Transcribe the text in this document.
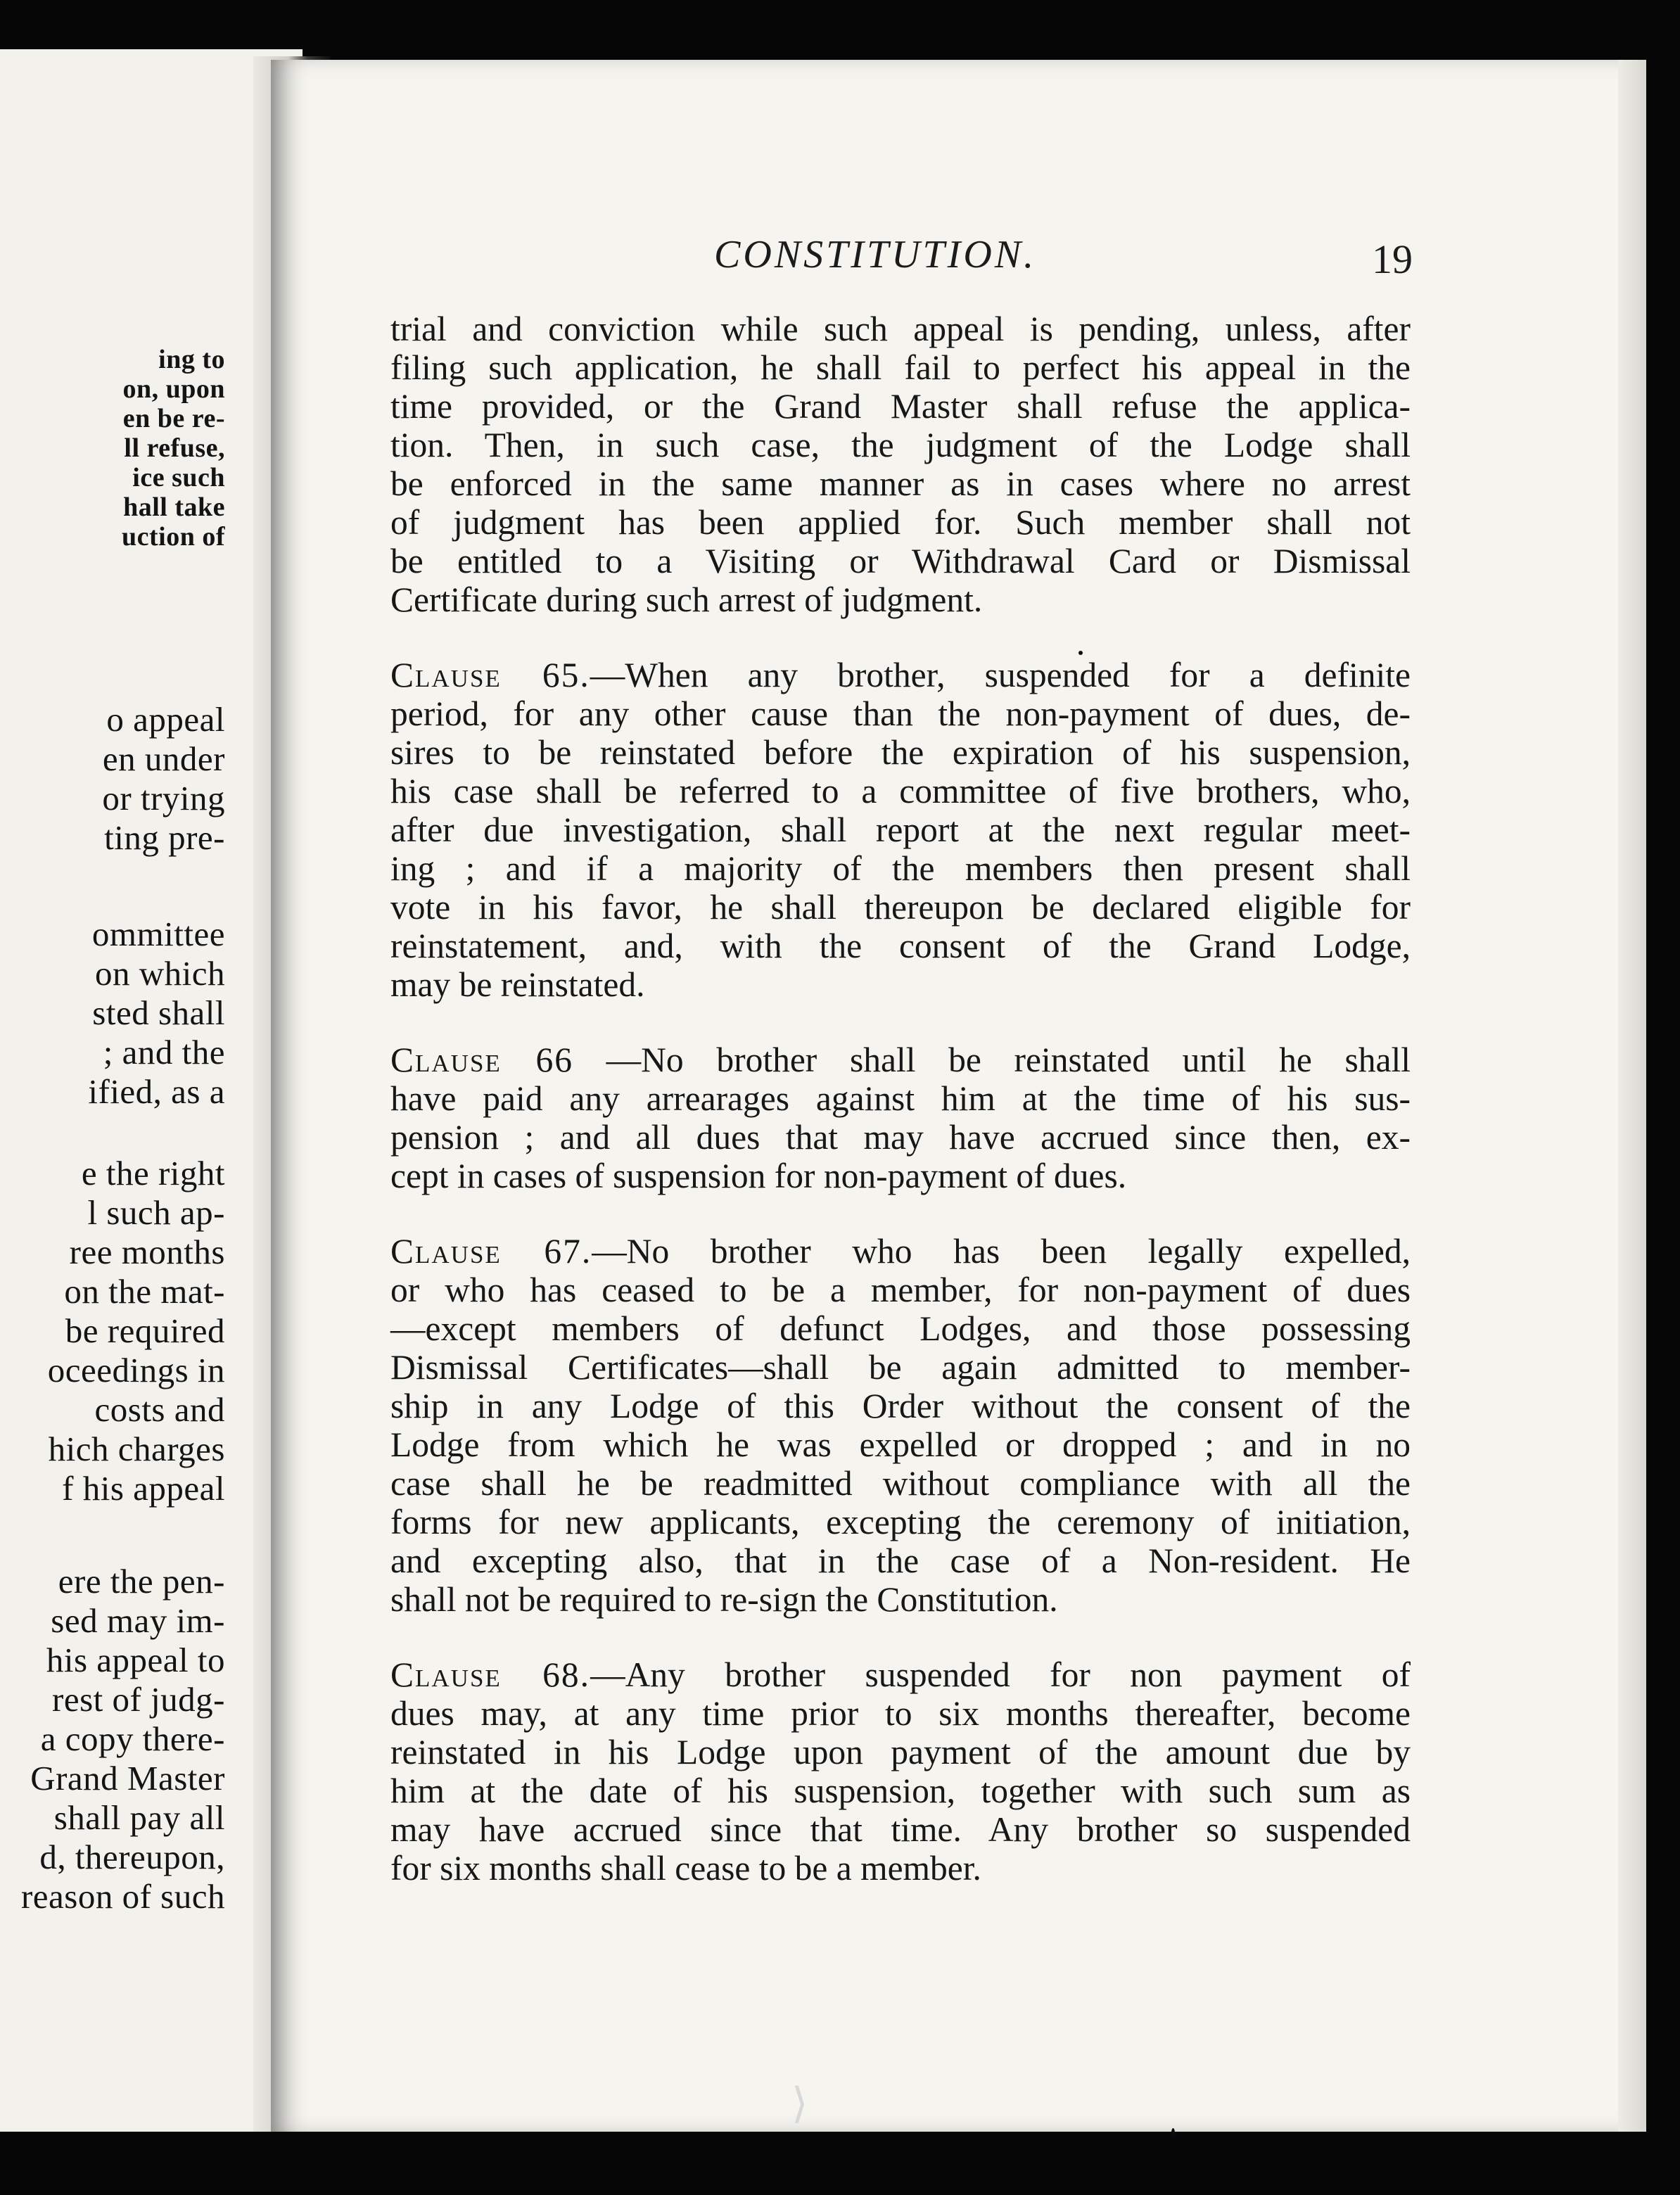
ing to
on, upon
en be re-
ll refuse,
ice such
hall take
uction of
o appeal
en under
or trying
ting pre-
ommittee
on which
sted shall
; and the
ified, as a
e the right
l such ap-
ree months
on the mat-
be required
oceedings in
costs and
hich charges
f his appeal
ere the pen-
sed may im-
his appeal to
rest of judg-
a copy there-
Grand Master
shall pay all
d, thereupon,
reason of such
CONSTITUTION.	19
trial and conviction while such appeal is pending, unless, after
filing such application, he shall fail to perfect his appeal in the
time provided, or the Grand Master shall refuse the applica-
tion. Then, in such case, the judgment of the Lodge shall
be enforced in the same manner as in cases where no arrest
of judgment has been applied for. Such member shall not
be entitled to a Visiting or Withdrawal Card or Dismissal
Certificate during such arrest of judgment.
Clause 65.—When any brother, suspended for a definite
period, for any other cause than the non-payment of dues, de-
sires to be reinstated before the expiration of his suspension,
his case shall be referred to a committee of five brothers, who,
after due investigation, shall report at the next regular meet-
ing ; and if a majority of the members then present shall
vote in his favor, he shall thereupon be declared eligible for
reinstatement, and, with the consent of the Grand Lodge,
may be reinstated.
Clause 66 —No brother shall be reinstated until he shall
have paid any arrearages against him at the time of his sus-
pension ; and all dues that may have accrued since then, ex-
cept in cases of suspension for non-payment of dues.
Clause 67.—No brother who has been legally expelled,
or who has ceased to be a member, for non-payment of dues
—except members of defunct Lodges, and those possessing
Dismissal Certificates—shall be again admitted to member-
ship in any Lodge of this Order without the consent of the
Lodge from which he was expelled or dropped ; and in no
case shall he be readmitted without compliance with all the
forms for new applicants, excepting the ceremony of initiation,
and excepting also, that in the case of a Non-resident. He
shall not be required to re-sign the Constitution.
Clause 68.—Any brother suspended for non payment of
dues may, at any time prior to six months thereafter, become
reinstated in his Lodge upon payment of the amount due by
him at the date of his suspension, together with such sum as
may have accrued since that time. Any brother so suspended
for six months shall cease to be a member.
⟩
